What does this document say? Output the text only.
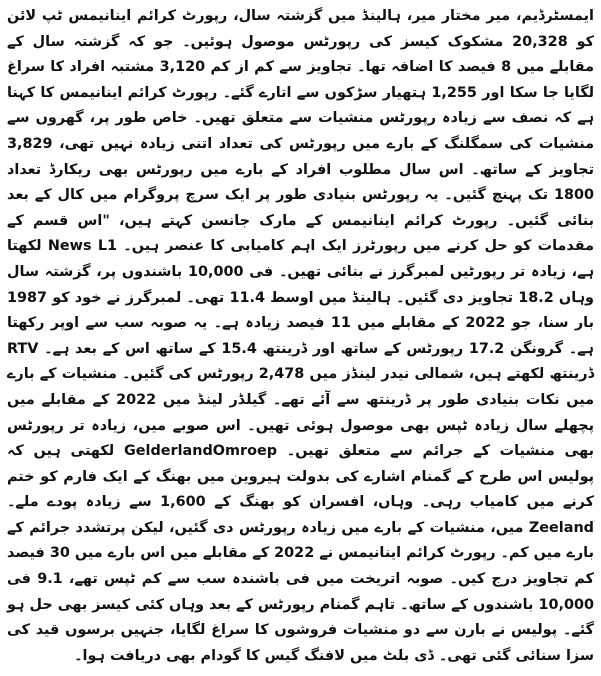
ایمسٹرڈیم، میر مختار میر، ہالینڈ میں گزشتہ سال، رپورٹ کرائم اینانیمس ٹپ لائن کو 20,328 مشکوک کیسز کی رپورٹس موصول ہوئیں۔ جو کہ گزشتہ سال کے مقابلے میں 8 فیصد کا اضافہ تھا۔ تجاویز سے کم از کم 3,120 مشتبہ افراد کا سراغ لگایا جا سکا اور 1,255 ہتھیار سڑکوں سے اتارے گئے۔ رپورٹ کرائم اینانیمس کا کہنا ہے کہ نصف سے زیادہ رپورٹس منشیات سے متعلق تھیں۔ خاص طور پر، گھروں سے منشیات کی سمگلنگ کے بارے میں رپورٹس کی تعداد اتنی زیادہ نہیں تھی، 3,829 تجاویز کے ساتھ۔ اس سال مطلوب افراد کے بارے میں رپورٹس بھی ریکارڈ تعداد 1800 تک پہنچ گئیں۔ یہ رپورٹس بنیادی طور پر ایک سرچ پروگرام میں کال کے بعد بنائی گئیں۔ رپورٹ کرائم اینانیمس کے مارک جانسن کہتے ہیں، "اس قسم کے مقدمات کو حل کرنے میں رپورٹرز ایک اہم کامیابی کا عنصر ہیں۔ News L1 لکھتا ہے، زیادہ تر رپورٹیں لمبرگرز نے بنائی تھیں۔ فی 10,000 باشندوں پر، گزشتہ سال وہاں 18.2 تجاویز دی گئیں۔ ہالینڈ میں اوسط 11.4 تھی۔ لمبرگرز نے خود کو 1987 بار سنا، جو 2022 کے مقابلے میں 11 فیصد زیادہ ہے۔ یہ صوبہ سب سے اوپر رکھتا ہے۔ گرونگن 17.2 رپورٹس کے ساتھ اور ڈرینتھ 15.4 کے ساتھ اس کے بعد ہے۔ RTV ڈرینتھ لکھتے ہیں، شمالی نیدر لینڈز میں 2,478 رپورٹس کی گئیں۔ منشیات کے بارے میں نکات بنیادی طور پر ڈرینتھ سے آئے تھے۔ گیلڈر لینڈ میں 2022 کے مقابلے میں پچھلے سال زیادہ ٹپس بھی موصول ہوئی تھیں۔ اس صوبے میں، زیادہ تر رپورٹس بھی منشیات کے جرائم سے متعلق تھیں۔ GelderlandOmroep لکھتی ہیں کہ پولیس اس طرح کے گمنام اشارے کی بدولت ہیروین میں بھنگ کے ایک فارم کو ختم کرنے میں کامیاب رہی۔ وہاں، افسران کو بھنگ کے 1,600 سے زیادہ پودے ملے۔ Zeeland میں، منشیات کے بارے میں زیادہ رپورٹس دی گئیں، لیکن پرتشدد جرائم کے بارے میں کم۔ رپورٹ کرائم اینانیمس نے 2022 کے مقابلے میں اس بارے میں 30 فیصد کم تجاویز درج کیں۔ صوبہ اتریخت میں فی باشندہ سب سے کم ٹپس تھے، 9.1 فی 10,000 باشندوں کے ساتھ۔ تاہم گمنام رپورٹس کے بعد وہاں کئی کیسز بھی حل ہو گئے۔ پولیس نے بارن سے دو منشیات فروشوں کا سراغ لگایا، جنہیں برسوں قید کی سزا سنائی گئی تھی۔ ڈی بلٹ میں لافنگ گیس کا گودام بھی دریافت ہوا۔
